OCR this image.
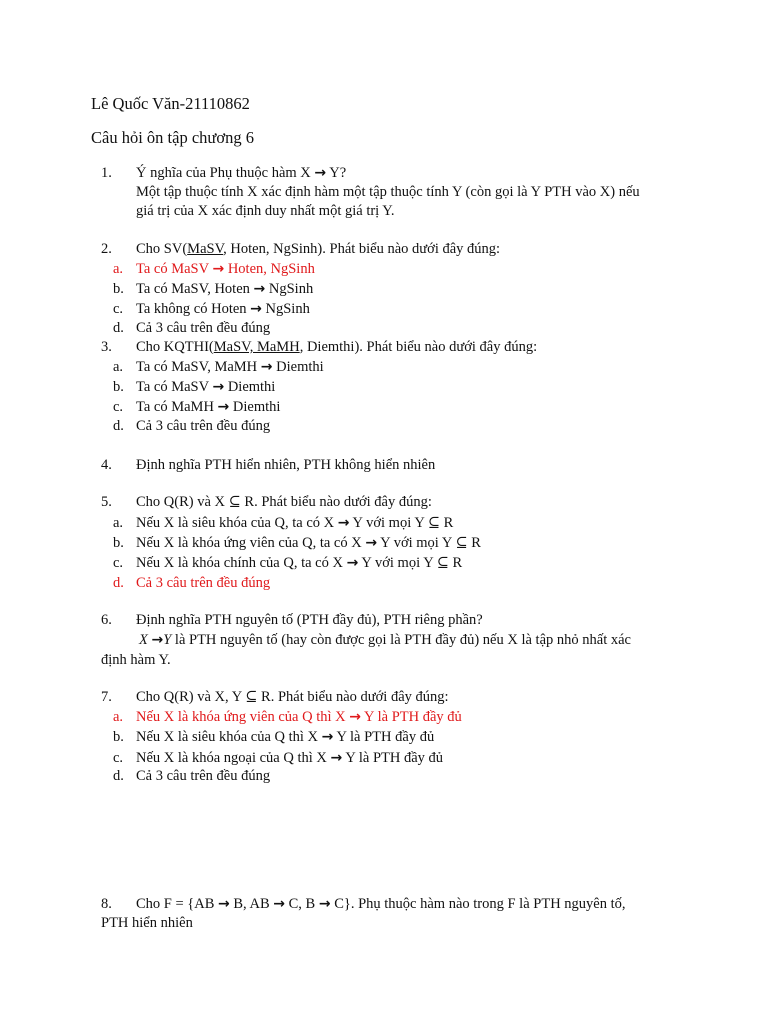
Lê Quốc Văn-21110862
Câu hỏi ôn tập chương 6
1. Ý nghĩa của Phụ thuộc hàm X → Y?
Một tập thuộc tính X xác định hàm một tập thuộc tính Y (còn gọi là Y PTH vào X) nếu
giá trị của X xác định duy nhất một giá trị Y.
2. Cho SV(MaSV, Hoten, NgSinh). Phát biểu nào dưới đây đúng:
a. Ta có MaSV → Hoten, NgSinh
b. Ta có MaSV, Hoten → NgSinh
c. Ta không có Hoten → NgSinh
d. Cả 3 câu trên đều đúng
3. Cho KQTHI(MaSV, MaMH, Diemthi). Phát biểu nào dưới đây đúng:
a. Ta có MaSV, MaMH → Diemthi
b. Ta có MaSV → Diemthi
c. Ta có MaMH → Diemthi
d. Cả 3 câu trên đều đúng
4. Định nghĩa PTH hiển nhiên, PTH không hiển nhiên
5. Cho Q(R) và X ⊆ R. Phát biểu nào dưới đây đúng:
a. Nếu X là siêu khóa của Q, ta có X → Y với mọi Y ⊆ R
b. Nếu X là khóa ứng viên của Q, ta có X → Y với mọi Y ⊆ R
c. Nếu X là khóa chính của Q, ta có X → Y với mọi Y ⊆ R
d. Cả 3 câu trên đều đúng
6. Định nghĩa PTH nguyên tố (PTH đầy đủ), PTH riêng phần?
X →Y là PTH nguyên tố (hay còn được gọi là PTH đầy đủ) nếu X là tập nhỏ nhất xác
định hàm Y.
7. Cho Q(R) và X, Y ⊆ R. Phát biểu nào dưới đây đúng:
a. Nếu X là khóa ứng viên của Q thì X → Y là PTH đầy đủ
b. Nếu X là siêu khóa của Q thì X → Y là PTH đầy đủ
c. Nếu X là khóa ngoại của Q thì X → Y là PTH đầy đủ
d. Cả 3 câu trên đều đúng
8. Cho F = {AB → B, AB → C, B → C}. Phụ thuộc hàm nào trong F là PTH nguyên tố,
PTH hiển nhiên
